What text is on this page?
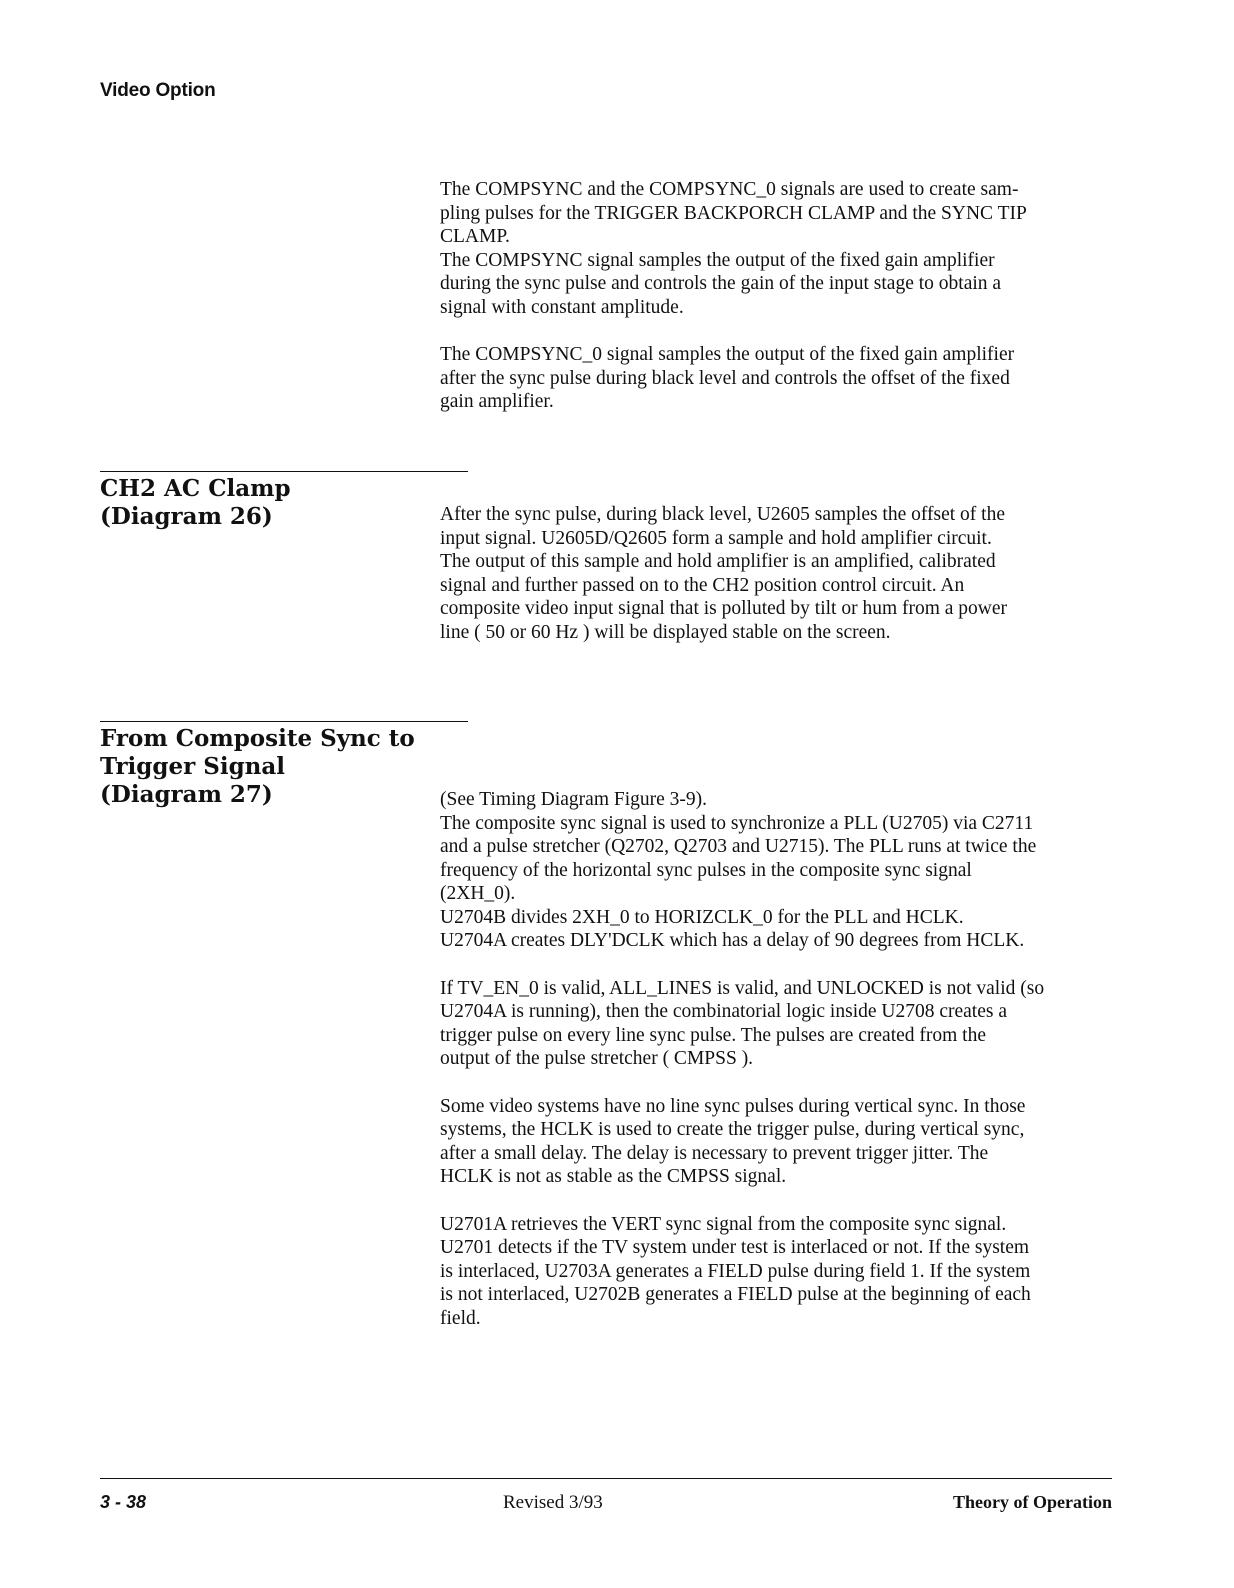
Video Option

The COMPSYNC and the COMPSYNC_0 signals are used to create sam-
pling pulses for the TRIGGER BACKPORCH CLAMP and the SYNC TIP
CLAMP.
The COMPSYNC signal samples the output of the fixed gain amplifier
during the sync pulse and controls the gain of the input stage to obtain a
signal with constant amplitude.

The COMPSYNC_0 signal samples the output of the fixed gain amplifier
after the sync pulse during black level and controls the offset of the fixed
gain amplifier.

CH2 AC Clamp
(Diagram 26)	After the sync pulse, during black level, U2605 samples the offset of the
input signal. U2605D/Q2605 form a sample and hold amplifier circuit.
The output of this sample and hold amplifier is an amplified, calibrated
signal and further passed on to the CH2 position control circuit. An
composite video input signal that is polluted by tilt or hum from a power
line ( 50 or 60 Hz ) will be displayed stable on the screen.

From Composite Sync to
Trigger Signal
(Diagram 27)	(See Timing Diagram Figure 3-9).
The composite sync signal is used to synchronize a PLL (U2705) via C2711
and a pulse stretcher (Q2702, Q2703 and U2715). The PLL runs at twice the
frequency of the horizontal sync pulses in the composite sync signal
(2XH_0).
U2704B divides 2XH_0 to HORIZCLK_0 for the PLL and HCLK.
U2704A creates DLY'DCLK which has a delay of 90 degrees from HCLK.

If TV_EN_0 is valid, ALL_LINES is valid, and UNLOCKED is not valid (so
U2704A is running), then the combinatorial logic inside U2708 creates a
trigger pulse on every line sync pulse. The pulses are created from the
output of the pulse stretcher ( CMPSS ).

Some video systems have no line sync pulses during vertical sync. In those
systems, the HCLK is used to create the trigger pulse, during vertical sync,
after a small delay. The delay is necessary to prevent trigger jitter. The
HCLK is not as stable as the CMPSS signal.

U2701A retrieves the VERT sync signal from the composite sync signal.
U2701 detects if the TV system under test is interlaced or not. If the system
is interlaced, U2703A generates a FIELD pulse during field 1. If the system
is not interlaced, U2702B generates a FIELD pulse at the beginning of each
field.

3 - 38	Revised 3/93	Theory of Operation
